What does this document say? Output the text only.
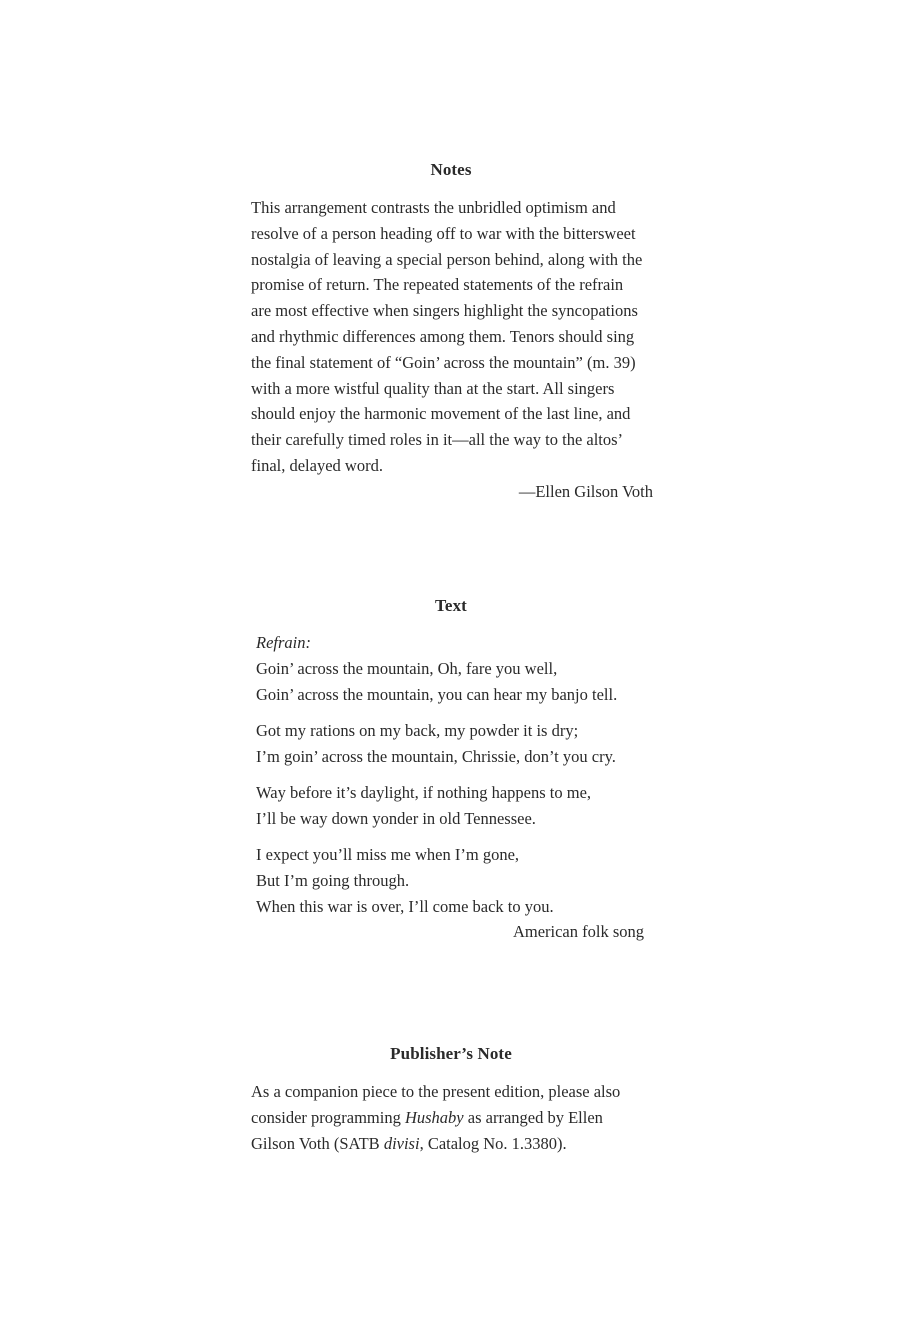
Notes
This arrangement contrasts the unbridled optimism and
resolve of a person heading off to war with the bittersweet
nostalgia of leaving a special person behind, along with the
promise of return. The repeated statements of the refrain
are most effective when singers highlight the syncopations
and rhythmic differences among them. Tenors should sing
the final statement of “Goin’ across the mountain” (m. 39)
with a more wistful quality than at the start. All singers
should enjoy the harmonic movement of the last line, and
their carefully timed roles in it—all the way to the altos’
final, delayed word.
—Ellen Gilson Voth
Text
Refrain:
Goin’ across the mountain, Oh, fare you well,
Goin’ across the mountain, you can hear my banjo tell.
Got my rations on my back, my powder it is dry;
I’m goin’ across the mountain, Chrissie, don’t you cry.
Way before it’s daylight, if nothing happens to me,
I’ll be way down yonder in old Tennessee.
I expect you’ll miss me when I’m gone,
But I’m going through.
When this war is over, I’ll come back to you.
American folk song
Publisher’s Note
As a companion piece to the present edition, please also
consider programming Hushaby as arranged by Ellen
Gilson Voth (SATB divisi, Catalog No. 1.3380).
